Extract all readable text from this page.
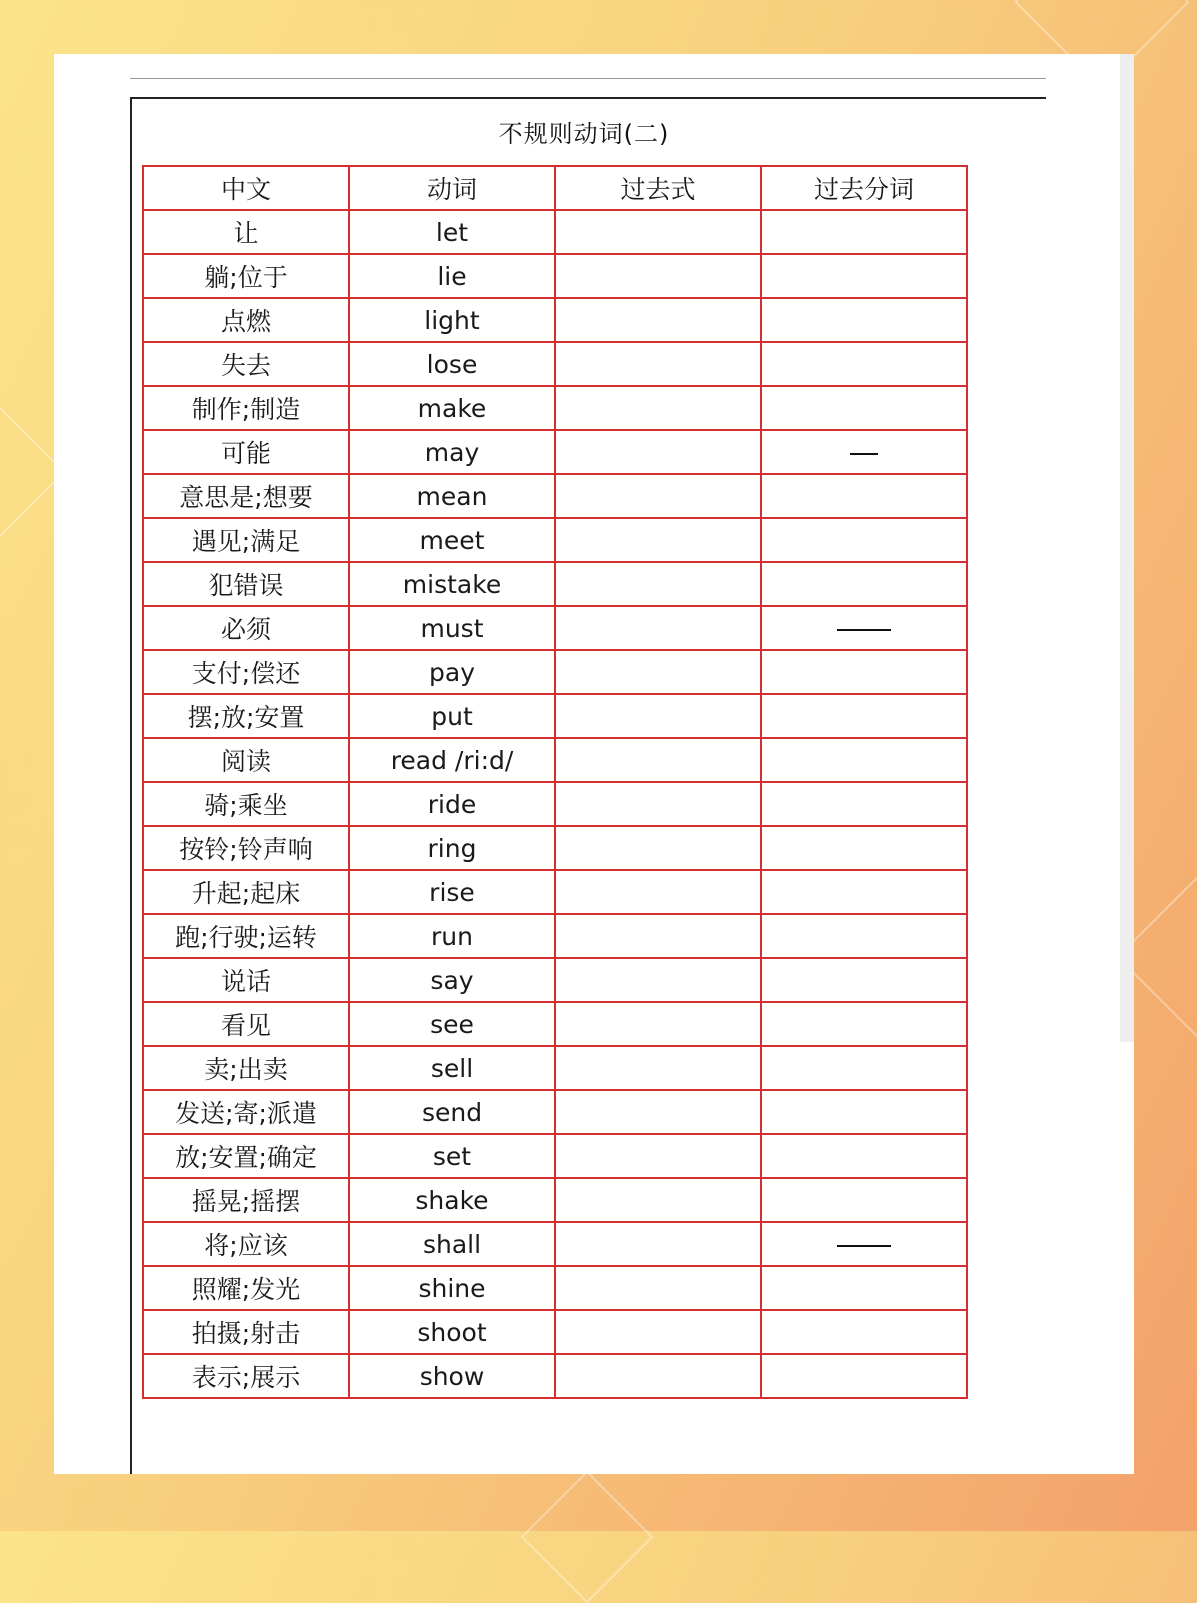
不规则动词(二)
中文	动词	过去式	过去分词
让	let		
躺;位于	lie		
点燃	light		
失去	lose		
制作;制造	make		
可能	may		
意思是;想要	mean		
遇见;满足	meet		
犯错误	mistake		
必须	must		
支付;偿还	pay		
摆;放;安置	put		
阅读	read /ri:d/		
骑;乘坐	ride		
按铃;铃声响	ring		
升起;起床	rise		
跑;行驶;运转	run		
说话	say		
看见	see		
卖;出卖	sell		
发送;寄;派遣	send		
放;安置;确定	set		
摇晃;摇摆	shake		
将;应该	shall		
照耀;发光	shine		
拍摄;射击	shoot		
表示;展示	show		
